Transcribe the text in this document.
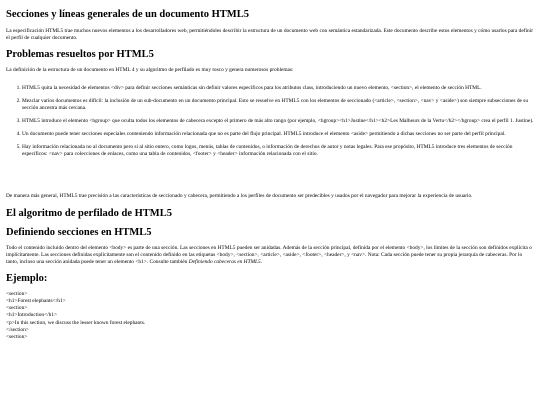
Secciones y líneas generales de un documento HTML5
La especificación HTML5 trae muchos nuevos elementos a los desarrolladores web, permitiéndoles describir la estructura de un documento web con semántica estandarizada. Este documento describe estos elementos y cómo usarlos para definir el perfil de cualquier documento.
Problemas resueltos por HTML5
La definición de la estructura de un documento en HTML 4 y su algoritmo de perfilado es muy tosco y genera numerosos problemas:
1. HTML5 quita la necesidad de elementos <div> para definir secciones semánticas sin definir valores específicos para los atributos class, introduciendo un nuevo elemento, <section>, el elemento de sección HTML.
2. Mezclar varios documentos es difícil: la inclusión de un sub-documento en un documento principal. Esto se resuelve en HTML5 con los elementos de seccionado (<article>, <section>, <nav> y <aside>) son siempre subsecciones de su sección ancestra más cercana.
3. HTML5 introduce el elemento <hgroup> que oculta todos los elementos de cabecera excepto el primero de más alto rango (por ejemplo, <hgroup><h1>Justine</h1><h2>Les Malheurs de la Vertu</h2></hgroup> crea el perfil 1. Justine).
4. Un documento puede tener secciones especiales conteniendo información relacionada que no es parte del flujo principal. HTML5 introduce el elemento <aside> permitiendo a dichas secciones no ser parte del perfil principal.
5. Hay información relacionada no al documento pero si al sitio entero, como logos, menús, tablas de contenidos, o información de derechos de autor y notas legales. Para ese propósito, HTML5 introduce tres elementos de sección específicos: <nav> para colecciones de enlaces, como una tabla de contenidos, <footer> y <header> información relacionada con el sitio.
De manera más general, HTML5 trae precisión a las características de seccionado y cabecera, permitiendo a los perfiles de documento ser predecibles y usados por el navegador para mejorar la experiencia de usuario.
El algoritmo de perfilado de HTML5
Definiendo secciones en HTML5
Todo el contenido incluido dentro del elemento <body> es parte de una sección. Las secciones en HTML5 pueden ser anidadas. Además de la sección principal, definida por el elemento <body>, los límites de la sección son definidos explícita o implícitamente. Las secciones definidas explícitamente son el contenido definido en las etiquetas <body>, <section>, <article>, <aside>, <footer>, <header>, y <nav>. Nota: Cada sección puede tener su propia jerarquía de cabeceras. Por lo tanto, incluso una sección anidada puede tener un elemento <h1>. Consulte también Definiendo cabeceras en HTML5.
Ejemplo:
<section>
<h1>Forest elephants</h1>
<section>
<h1>Introduction</h1>
<p>In this section, we discuss the lesser known forest elephants.
</section>
<section>
